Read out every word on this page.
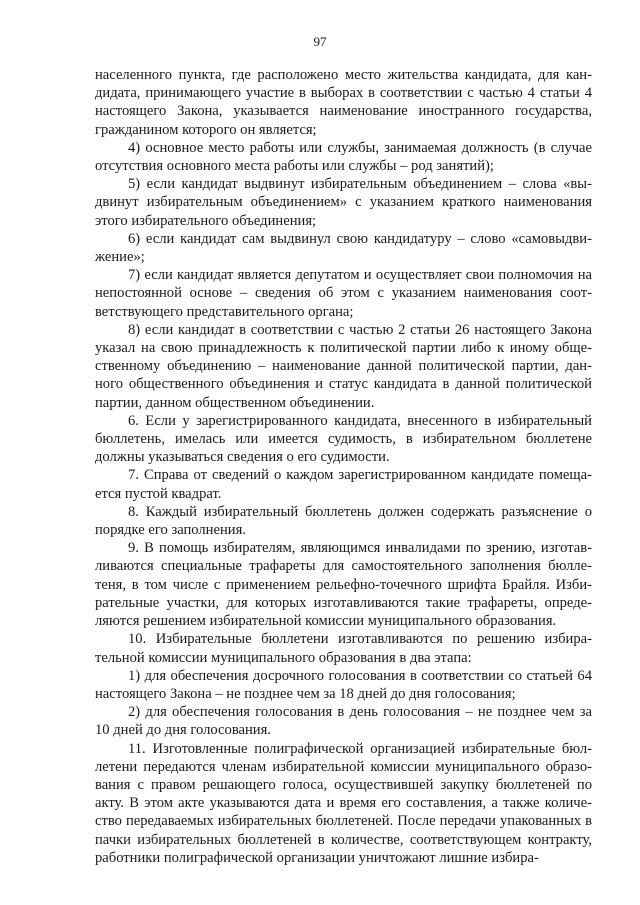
97

населенного пункта, где расположено место жительства кандидата, для кандидата, принимающего участие в выборах в соответствии с частью 4 статьи 4 настоящего Закона, указывается наименование иностранного государства, гражданином которого он является;

4) основное место работы или службы, занимаемая должность (в случае отсутствия основного места работы или службы – род занятий);

5) если кандидат выдвинут избирательным объединением – слова «выдвинут избирательным объединением» с указанием краткого наименования этого избирательного объединения;

6) если кандидат сам выдвинул свою кандидатуру – слово «самовыдвижение»;

7) если кандидат является депутатом и осуществляет свои полномочия на непостоянной основе – сведения об этом с указанием наименования соответствующего представительного органа;

8) если кандидат в соответствии с частью 2 статьи 26 настоящего Закона указал на свою принадлежность к политической партии либо к иному общественному объединению – наименование данной политической партии, данного общественного объединения и статус кандидата в данной политической партии, данном общественном объединении.

6. Если у зарегистрированного кандидата, внесенного в избирательный бюллетень, имелась или имеется судимость, в избирательном бюллетене должны указываться сведения о его судимости.

7. Справа от сведений о каждом зарегистрированном кандидате помещается пустой квадрат.

8. Каждый избирательный бюллетень должен содержать разъяснение о порядке его заполнения.

9. В помощь избирателям, являющимся инвалидами по зрению, изготавливаются специальные трафареты для самостоятельного заполнения бюллетеня, в том числе с применением рельефно-точечного шрифта Брайля. Избирательные участки, для которых изготавливаются такие трафареты, определяются решением избирательной комиссии муниципального образования.

10. Избирательные бюллетени изготавливаются по решению избирательной комиссии муниципального образования в два этапа:

1) для обеспечения досрочного голосования в соответствии со статьей 64 настоящего Закона – не позднее чем за 18 дней до дня голосования;

2) для обеспечения голосования в день голосования – не позднее чем за 10 дней до дня голосования.

11. Изготовленные полиграфической организацией избирательные бюллетени передаются членам избирательной комиссии муниципального образования с правом решающего голоса, осуществившей закупку бюллетеней по акту. В этом акте указываются дата и время его составления, а также количество передаваемых избирательных бюллетеней. После передачи упакованных в пачки избирательных бюллетеней в количестве, соответствующем контракту, работники полиграфической организации уничтожают лишние избира-
